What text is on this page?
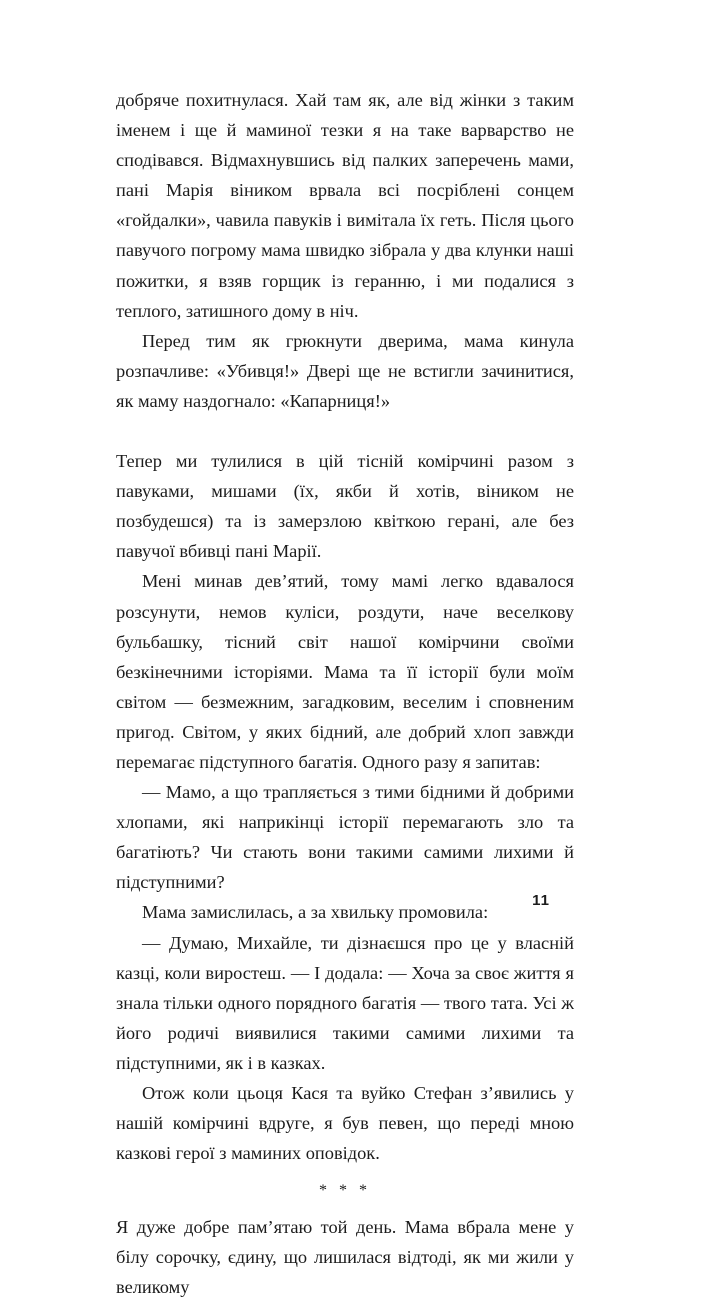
добряче похитнулася. Хай там як, але від жінки з таким іменем і ще й маминої тезки я на таке варварство не сподівався. Відмахнувшись від палких заперечень мами, пані Марія віником врвала всі посріблені сонцем «гойдалки», чавила павуків і вимітала їх геть. Після цього павучого погрому мама швидко зібрала у два клунки наші пожитки, я взяв горщик із геранню, і ми подалися з теплого, затишного дому в ніч.

Перед тим як грюкнути дверима, мама кинула розпачливе: «Убивця!» Двері ще не встигли зачинитися, як маму наздогнало: «Капарниця!»

Тепер ми тулилися в цій тісній комірчині разом з павуками, мишами (їх, якби й хотів, віником не позбудешся) та із замерзлою квіткою герані, але без павучої вбивці пані Марії.

Мені минав дев’ятий, тому мамі легко вдавалося розсунути, немов куліси, роздути, наче веселкову бульбашку, тісний світ нашої комірчини своїми безкінечними історіями. Мама та її історії були моїм світом — безмежним, загадковим, веселим і сповненим пригод. Світом, у яких бідний, але добрий хлоп завжди перемагає підступного багатія. Одного разу я запитав:

— Мамо, а що трапляється з тими бідними й добрими хлопами, які наприкінці історії перемагають зло та багатіють? Чи стають вони такими самими лихими й підступними?

Мама замислилась, а за хвильку промовила:

— Думаю, Михайле, ти дізнаєшся про це у власній казці, коли виростеш. — І додала: — Хоча за своє життя я знала тільки одного порядного багатія — твого тата. Усі ж його родичі виявилися такими самими лихими та підступними, як і в казках.

Отож коли цьоця Кася та вуйко Стефан з’явились у нашій комірчині вдруге, я був певен, що переді мною казкові герої з маминих оповідок.

* * *

Я дуже добре пам’ятаю той день. Мама вбрала мене у білу сорочку, єдину, що лишилася відтоді, як ми жили у великому

11
